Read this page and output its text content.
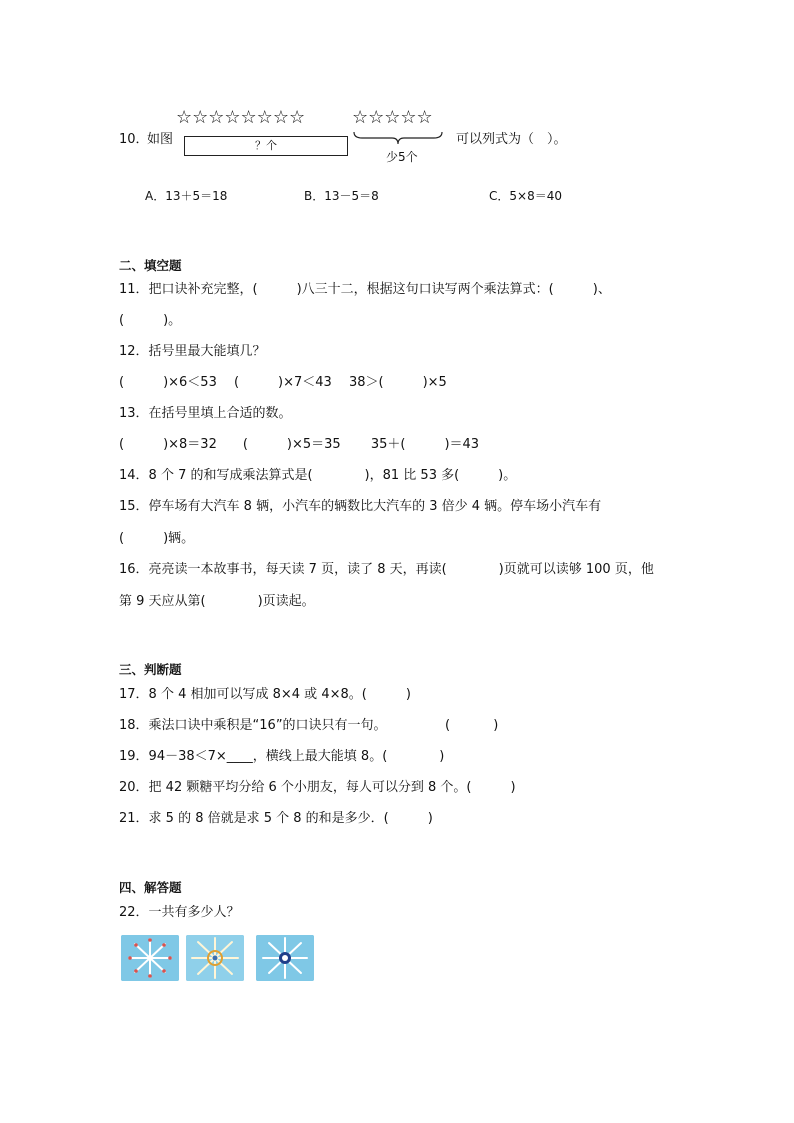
10．
如图
☆☆☆☆☆☆☆☆	☆☆☆☆☆
？个
少5个
可以列式为（　）。
A．13＋5＝18	B．13－5＝8	C．5×8＝40
二、填空题
11．把口诀补充完整，(　　　)八三十二，根据这句口诀写两个乘法算式：(　　　)、
(　　　)。
12．括号里最大能填几？
(　　　)×6＜53　 (　　　)×7＜43　 38＞(　　　)×5
13．在括号里填上合适的数。
(　　　)×8＝32　　(　　　)×5＝35　　 35＋(　　　)＝43
14．8 个 7 的和写成乘法算式是(　　　　)，81 比 53 多(　　　)。
15．停车场有大汽车 8 辆，小汽车的辆数比大汽车的 3 倍少 4 辆。停车场小汽车有
(　　　)辆。
16．亮亮读一本故事书，每天读 7 页，读了 8 天，再读(　　　　)页就可以读够 100 页，他
第 9 天应从第(　　　　)页读起。
三、判断题
17．8 个 4 相加可以写成 8×4 或 4×8。(　　　)
18．乘法口诀中乘积是“16”的口诀只有一句。　　　　　(　　　 )
19．94－38＜7×____，横线上最大能填 8。(　　　　)
20．把 42 颗糖平均分给 6 个小朋友，每人可以分到 8 个。(　　　)
21．求 5 的 8 倍就是求 5 个 8 的和是多少．(　　　)
四、解答题
22．一共有多少人？
